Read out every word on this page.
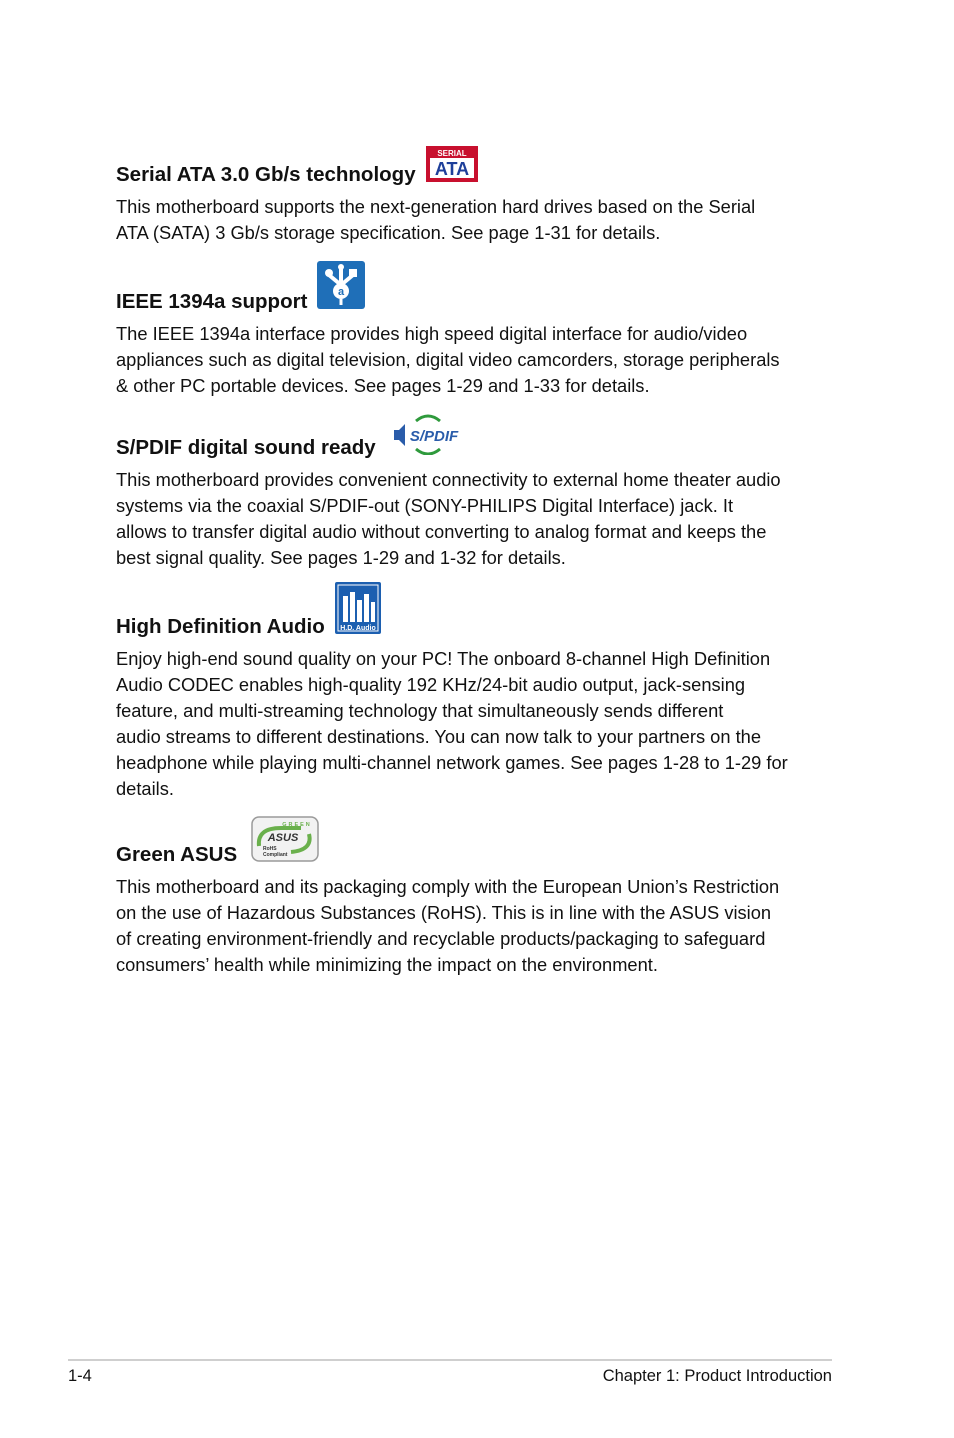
Serial ATA 3.0 Gb/s technology
SERIAL
ATA

This motherboard supports the next-generation hard drives based on the Serial
ATA (SATA) 3 Gb/s storage specification. See page 1-31 for details.

IEEE 1394a support	a

The IEEE 1394a interface provides high speed digital interface for audio/video
appliances such as digital television, digital video camcorders, storage peripherals
& other PC portable devices. See pages 1-29 and 1-33 for details.

S/PDIF digital sound ready S/PDIF

This motherboard provides convenient connectivity to external home theater audio
systems via the coaxial S/PDIF-out (SONY-PHILIPS Digital Interface) jack. It
allows to transfer digital audio without converting to analog format and keeps the
best signal quality. See pages 1-29 and 1-32 for details.

High Definition Audio H.D. Audio

Enjoy high-end sound quality on your PC! The onboard 8-channel High Definition
Audio CODEC enables high-quality 192 KHz/24-bit audio output, jack-sensing
feature, and multi-streaming technology that simultaneously sends different
audio streams to different destinations. You can now talk to your partners on the
headphone while playing multi-channel network games. See pages 1-28 to 1-29 for
details.

Green ASUS
GREEN
ASUS
RoHS
Compliant

This motherboard and its packaging comply with the European Union’s Restriction
on the use of Hazardous Substances (RoHS). This is in line with the ASUS vision
of creating environment-friendly and recyclable products/packaging to safeguard
consumers’ health while minimizing the impact on the environment.

1-4	Chapter 1: Product Introduction
